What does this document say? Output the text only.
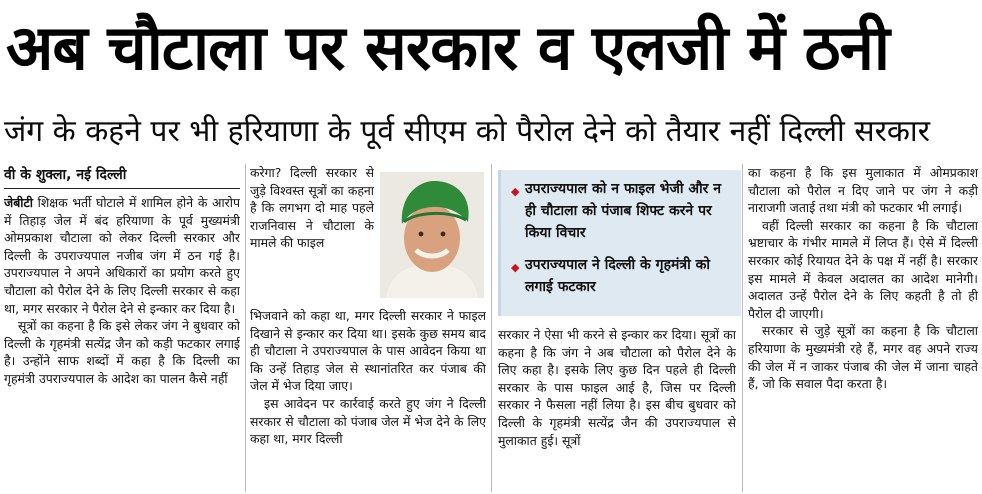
अब चौटाला पर सरकार व एलजी में ठनी
जंग के कहने पर भी हरियाणा के पूर्व सीएम को पैरोल देने को तैयार नहीं दिल्ली सरकार
वी के शुक्ला, नई दिल्ली

जेबीटी शिक्षक भर्ती घोटाले में शामिल होने के आरोप में तिहाड़ जेल में बंद हरियाणा के पूर्व मुख्यमंत्री ओमप्रकाश चौटाला को लेकर दिल्ली सरकार और दिल्ली के उपराज्यपाल नजीब जंग में ठन गई है। उपराज्यपाल ने अपने अधिकारों का प्रयोग करते हुए चौटाला को पैरोल देने के लिए दिल्ली सरकार से कहा था, मगर सरकार ने पैरोल देने से इन्कार कर दिया है।

सूत्रों का कहना है कि इसे लेकर जंग ने बुधवार को दिल्ली के गृहमंत्री सत्येंद्र जैन को कड़ी फटकार लगाई है। उन्होंने साफ शब्दों में कहा है कि दिल्ली का गृहमंत्री उपराज्यपाल के आदेश का पालन कैसे नहीं

करेगा? दिल्ली सरकार से जुड़े विश्वस्त सूत्रों का कहना है कि लगभग दो माह पहले राजनिवास ने चौटाला के मामले की फाइल

भिजवाने को कहा था, मगर दिल्ली सरकार ने फाइल दिखाने से इन्कार कर दिया था। इसके कुछ समय बाद ही चौटाला ने उपराज्यपाल के पास आवेदन किया था कि उन्हें तिहाड़ जेल से स्थानांतरित कर पंजाब की जेल में भेज दिया जाए।

इस आवेदन पर कार्रवाई करते हुए जंग ने दिल्ली सरकार से चौटाला को पंजाब जेल में भेज देने के लिए कहा था, मगर दिल्ली

◆ उपराज्यपाल को न फाइल भेजी और न ही चौटाला को पंजाब शिफ्ट करने पर किया विचार
◆ उपराज्यपाल ने दिल्ली के गृहमंत्री को लगाई फटकार

सरकार ने ऐसा भी करने से इन्कार कर दिया। सूत्रों का कहना है कि जंग ने अब चौटाला को पैरोल देने के लिए कहा है। इसके लिए कुछ दिन पहले ही दिल्ली सरकार के पास फाइल आई है, जिस पर दिल्ली सरकार ने फैसला नहीं लिया है। इस बीच बुधवार को दिल्ली के गृहमंत्री सत्येंद्र जैन की उपराज्यपाल से मुलाकात हुई। सूत्रों

का कहना है कि इस मुलाकात में ओमप्रकाश चौटाला को पैरोल न दिए जाने पर जंग ने कड़ी नाराजगी जताई तथा मंत्री को फटकार भी लगाई।

वहीं दिल्ली सरकार का कहना है कि चौटाला भ्रष्टाचार के गंभीर मामले में लिप्त हैं। ऐसे में दिल्ली सरकार कोई रियायत देने के पक्ष में नहीं है। सरकार इस मामले में केवल अदालत का आदेश मानेगी। अदालत उन्हें पैरोल देने के लिए कहती है तो ही पैरोल दी जाएगी।

सरकार से जुड़े सूत्रों का कहना है कि चौटाला हरियाणा के मुख्यमंत्री रहे हैं, मगर वह अपने राज्य की जेल में न जाकर पंजाब की जेल में जाना चाहते हैं, जो कि सवाल पैदा करता है।
